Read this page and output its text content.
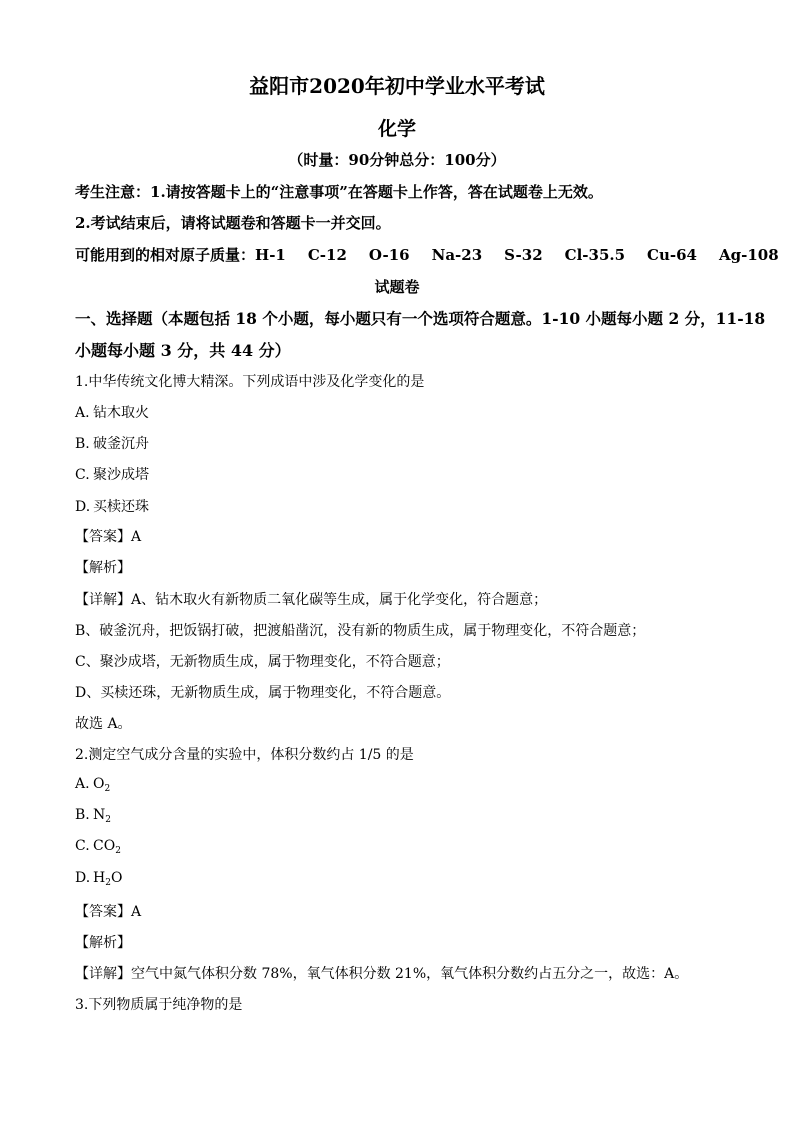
益阳市2020年初中学业水平考试
化学
（时量：90分钟总分：100分）
考生注意：1.请按答题卡上的“注意事项”在答题卡上作答，答在试题卷上无效。
2.考试结束后，请将试题卷和答题卡一并交回。
可能用到的相对原子质量：H-1 C-12 O-16 Na-23 S-32 Cl-35.5 Cu-64 Ag-108
试题卷
一、选择题（本题包括 18 个小题，每小题只有一个选项符合题意。1-10 小题每小题 2 分，11-18
小题每小题 3 分，共 44 分）
1.中华传统文化博大精深。下列成语中涉及化学变化的是
A. 钻木取火
B. 破釜沉舟
C. 聚沙成塔
D. 买椟还珠
【答案】A
【解析】
【详解】A、钻木取火有新物质二氧化碳等生成，属于化学变化，符合题意；
B、破釜沉舟，把饭锅打破，把渡船凿沉，没有新的物质生成，属于物理变化，不符合题意；
C、聚沙成塔，无新物质生成，属于物理变化，不符合题意；
D、买椟还珠，无新物质生成，属于物理变化，不符合题意。
故选 A。
2.测定空气成分含量的实验中，体积分数约占 1/5 的是
A. $O_2$
B. $N_2$
C. $CO_2$
D. $H_2O$
【答案】A
【解析】
【详解】空气中氮气体积分数 78%，氧气体积分数 21%，氧气体积分数约占五分之一，故选：A。
3.下列物质属于纯净物的是
